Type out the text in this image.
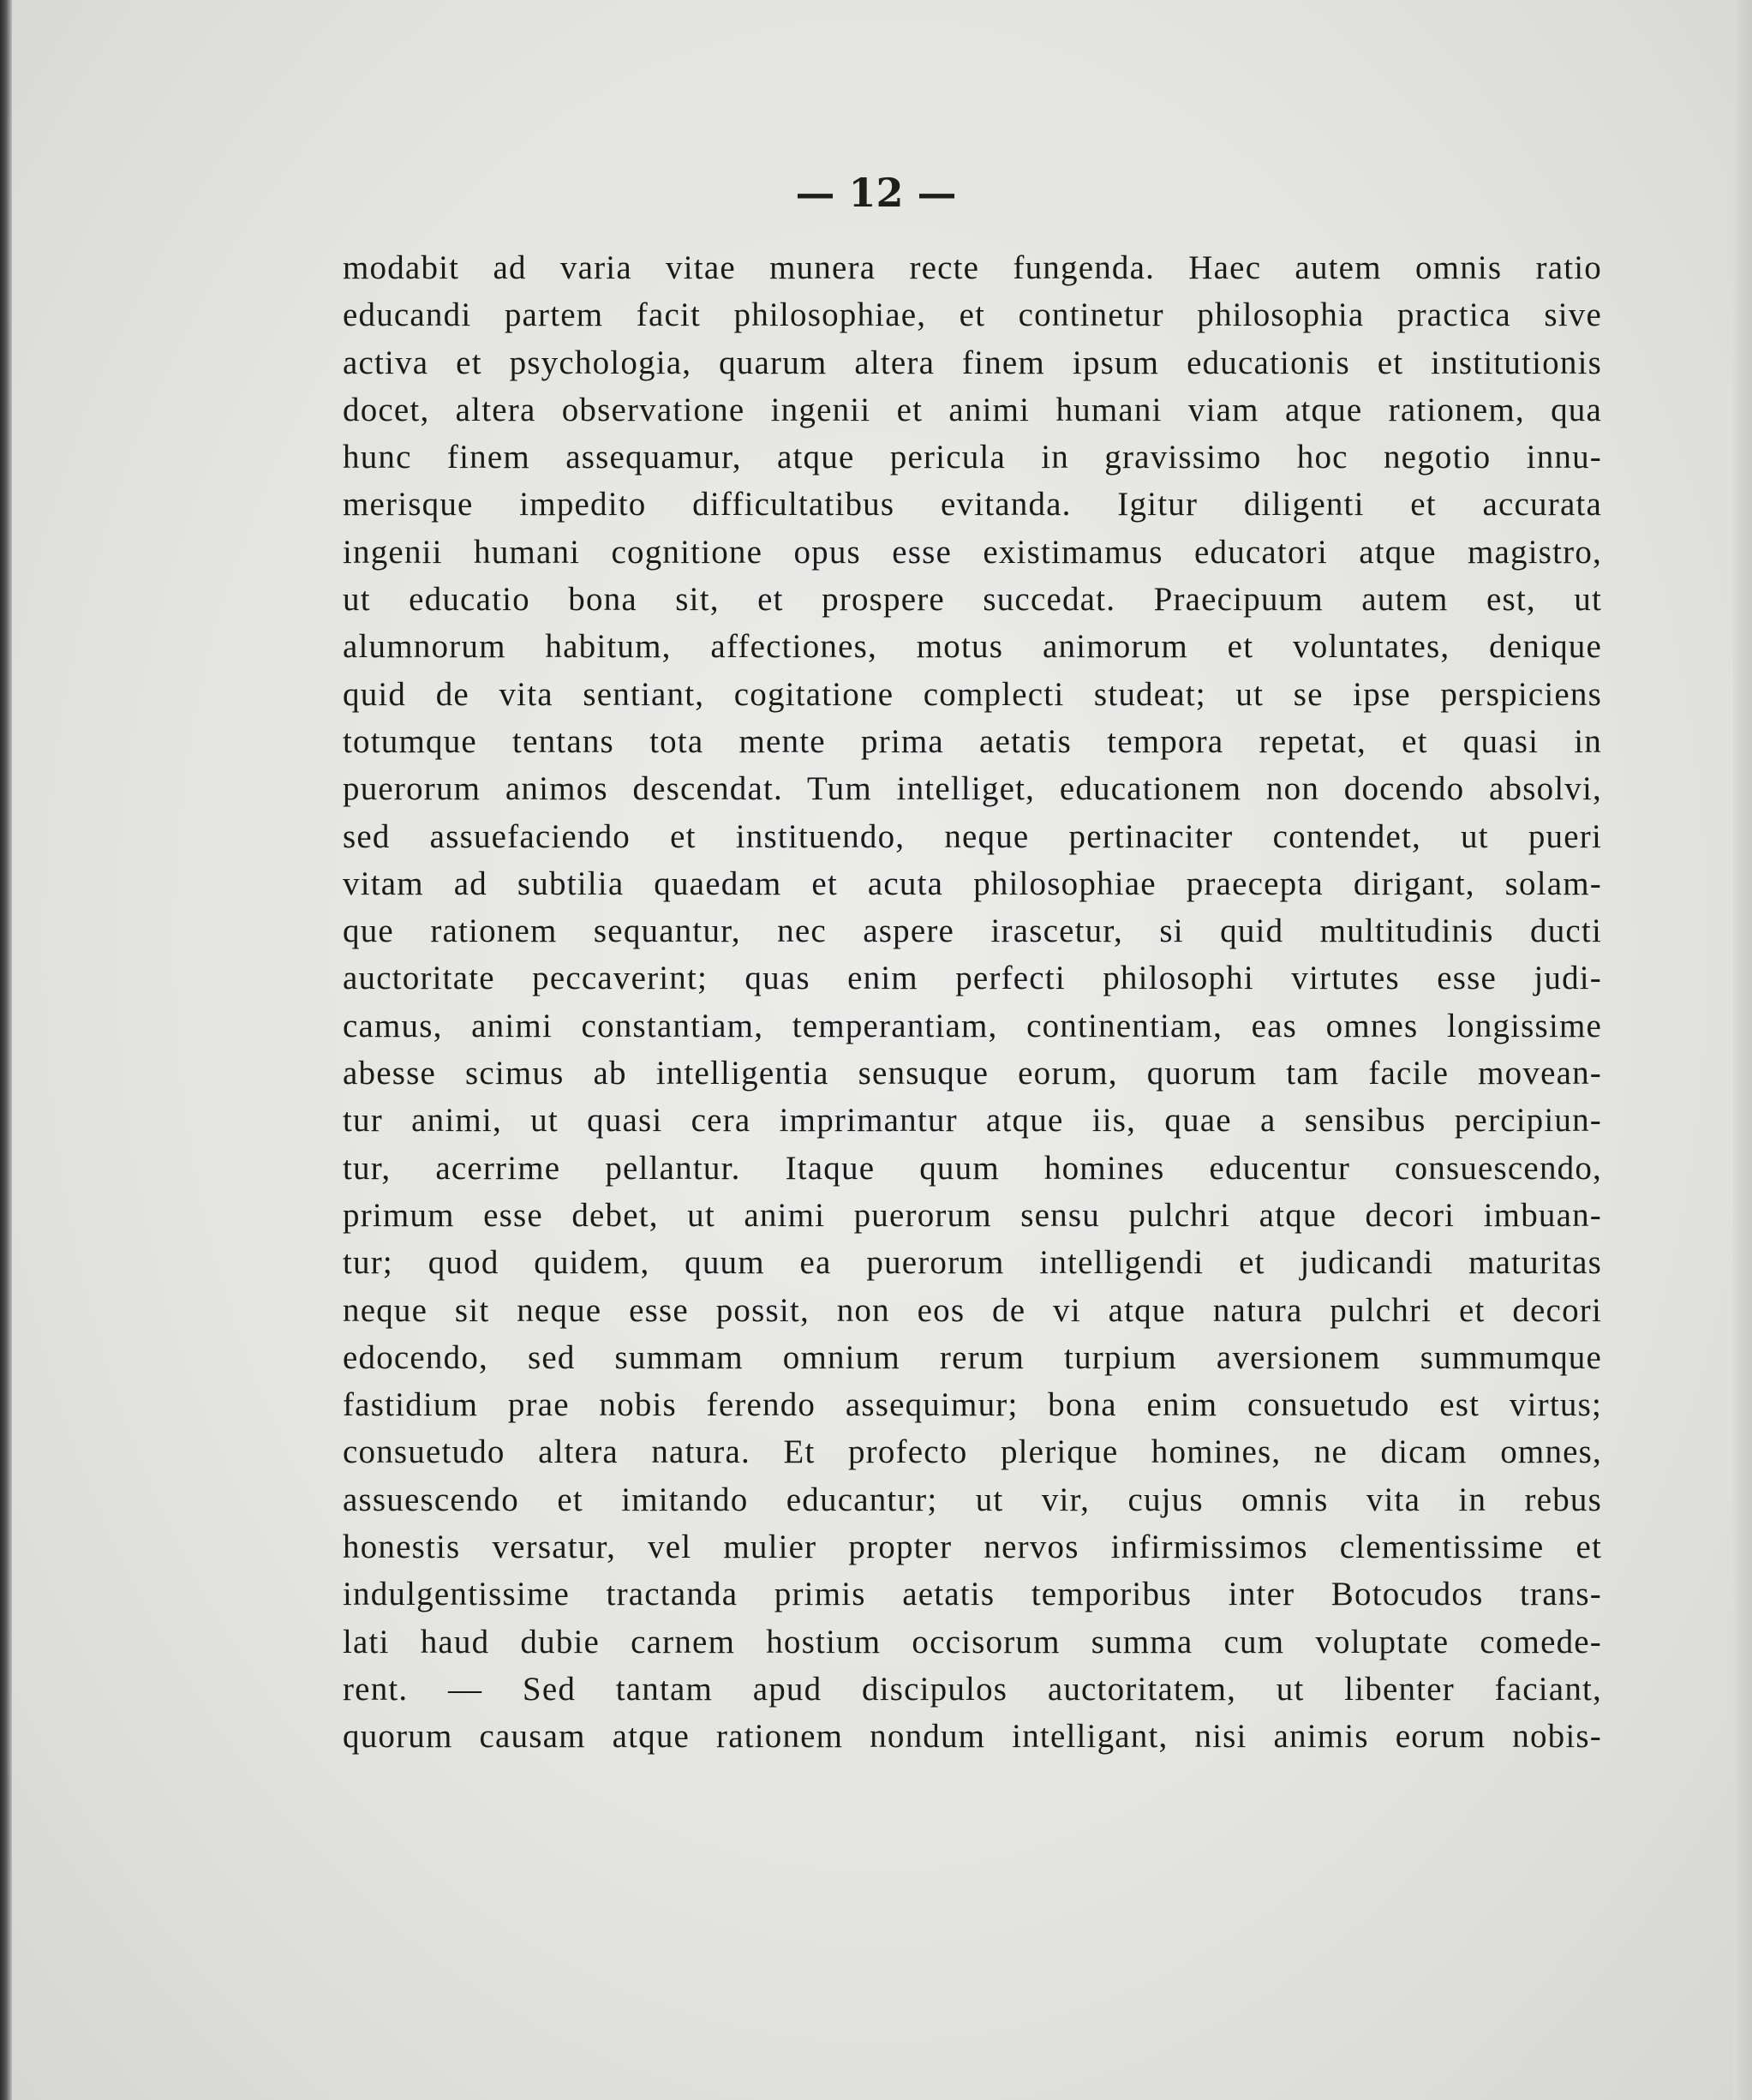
— 12 —
modabit ad varia vitae munera recte fungenda. Haec autem omnis ratio
educandi partem facit philosophiae, et continetur philosophia practica sive
activa et psychologia, quarum altera finem ipsum educationis et institutionis
docet, altera observatione ingenii et animi humani viam atque rationem, qua
hunc finem assequamur, atque pericula in gravissimo hoc negotio innu-
merisque impedito difficultatibus evitanda. Igitur diligenti et accurata
ingenii humani cognitione opus esse existimamus educatori atque magistro,
ut educatio bona sit, et prospere succedat. Praecipuum autem est, ut
alumnorum habitum, affectiones, motus animorum et voluntates, denique
quid de vita sentiant, cogitatione complecti studeat; ut se ipse perspiciens
totumque tentans tota mente prima aetatis tempora repetat, et quasi in
puerorum animos descendat. Tum intelliget, educationem non docendo absolvi,
sed assuefaciendo et instituendo, neque pertinaciter contendet, ut pueri
vitam ad subtilia quaedam et acuta philosophiae praecepta dirigant, solam-
que rationem sequantur, nec aspere irascetur, si quid multitudinis ducti
auctoritate peccaverint; quas enim perfecti philosophi virtutes esse judi-
camus, animi constantiam, temperantiam, continentiam, eas omnes longissime
abesse scimus ab intelligentia sensuque eorum, quorum tam facile movean-
tur animi, ut quasi cera imprimantur atque iis, quae a sensibus percipiun-
tur, acerrime pellantur. Itaque quum homines educentur consuescendo,
primum esse debet, ut animi puerorum sensu pulchri atque decori imbuan-
tur; quod quidem, quum ea puerorum intelligendi et judicandi maturitas
neque sit neque esse possit, non eos de vi atque natura pulchri et decori
edocendo, sed summam omnium rerum turpium aversionem summumque
fastidium prae nobis ferendo assequimur; bona enim consuetudo est virtus;
consuetudo altera natura. Et profecto plerique homines, ne dicam omnes,
assuescendo et imitando educantur; ut vir, cujus omnis vita in rebus
honestis versatur, vel mulier propter nervos infirmissimos clementissime et
indulgentissime tractanda primis aetatis temporibus inter Botocudos trans-
lati haud dubie carnem hostium occisorum summa cum voluptate comede-
rent. — Sed tantam apud discipulos auctoritatem, ut libenter faciant,
quorum causam atque rationem nondum intelligant, nisi animis eorum nobis-
